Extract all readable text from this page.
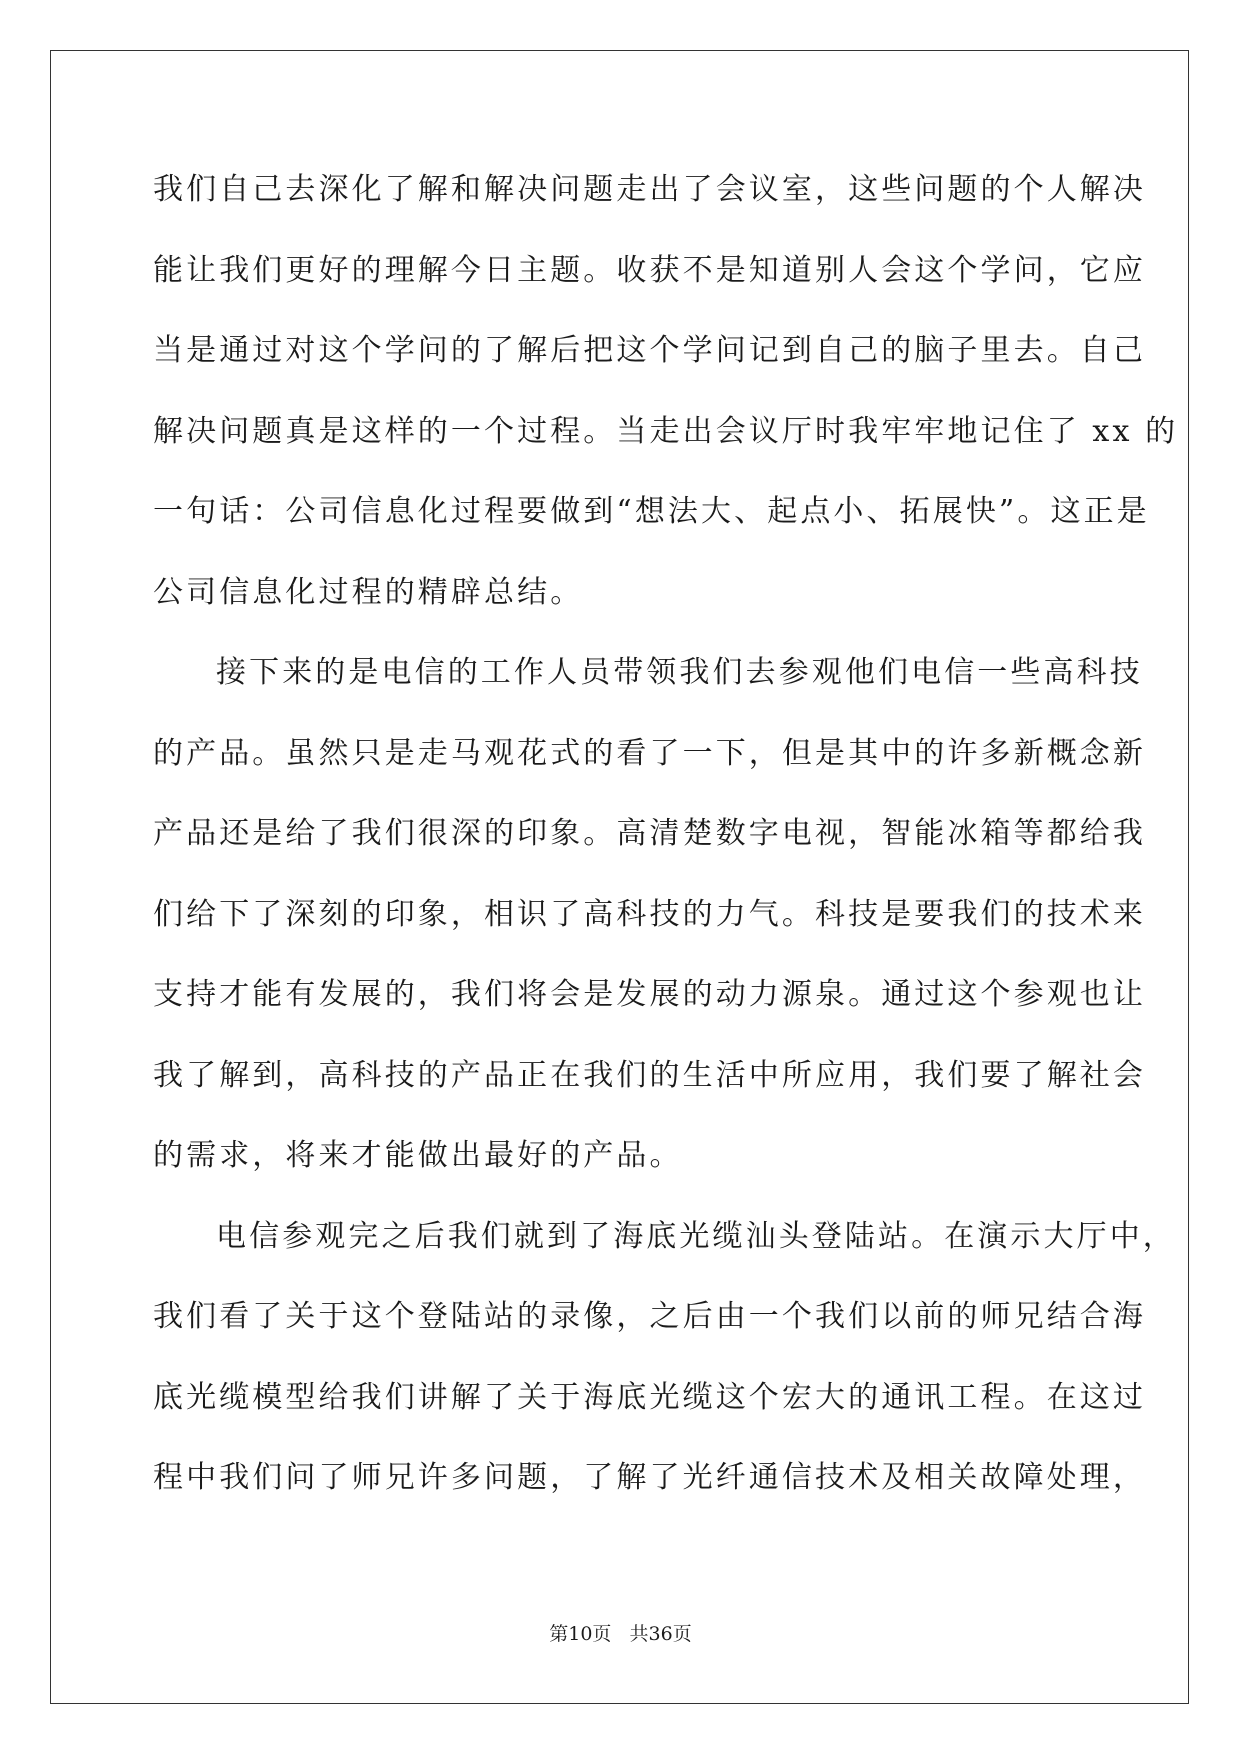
我们自己去深化了解和解决问题走出了会议室，这些问题的个人解决
能让我们更好的理解今日主题。收获不是知道别人会这个学问，它应
当是通过对这个学问的了解后把这个学问记到自己的脑子里去。自己
解决问题真是这样的一个过程。当走出会议厅时我牢牢地记住了 xx 的
一句话：公司信息化过程要做到“想法大、起点小、拓展快”。这正是
公司信息化过程的精辟总结。
接下来的是电信的工作人员带领我们去参观他们电信一些高科技
的产品。虽然只是走马观花式的看了一下，但是其中的许多新概念新
产品还是给了我们很深的印象。高清楚数字电视，智能冰箱等都给我
们给下了深刻的印象，相识了高科技的力气。科技是要我们的技术来
支持才能有发展的，我们将会是发展的动力源泉。通过这个参观也让
我了解到，高科技的产品正在我们的生活中所应用，我们要了解社会
的需求，将来才能做出最好的产品。
电信参观完之后我们就到了海底光缆汕头登陆站。在演示大厅中，
我们看了关于这个登陆站的录像，之后由一个我们以前的师兄结合海
底光缆模型给我们讲解了关于海底光缆这个宏大的通讯工程。在这过
程中我们问了师兄许多问题，了解了光纤通信技术及相关故障处理，
第10页   共36页
